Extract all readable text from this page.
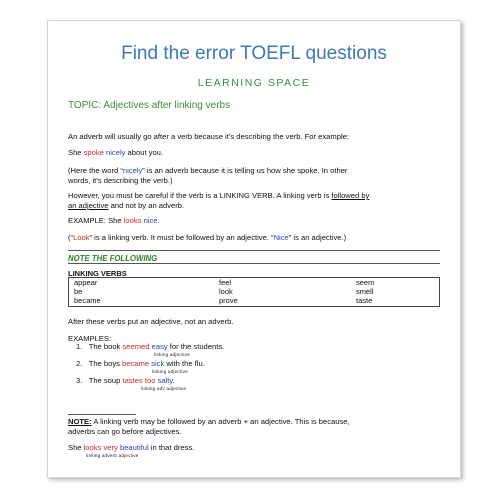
Find the error TOEFL questions
LEARNING SPACE
TOPIC: Adjectives after linking verbs
An adverb will usually go after a verb because it’s describing the verb. For example:
She spoke nicely about you.
(Here the word “nicely” is an adverb because it is telling us how she spoke. In other
words, it’s describing the verb.)
However, you must be careful if the verb is a LINKING VERB. A linking verb is followed by
an adjective and not by an adverb.
EXAMPLE: She looks nice.
(“Look” is a linking verb. It must be followed by an adjective. “Nice” is an adjective.)
NOTE THE FOLLOWING
LINKING VERBS
appear
be
became
feel
look
prove
seem
smell
taste
After these verbs put an adjective, not an adverb.
EXAMPLES:
1. The book seemed easy for the students.
linking adjective
2. The boys became sick with the flu.
linking adjective
3. The soup tastes too salty.
linking adv adjective
NOTE: A linking verb may be followed by an adverb + an adjective. This is because,
adverbs can go before adjectives.
She looks very beautiful in that dress.
linking adverb adjective
